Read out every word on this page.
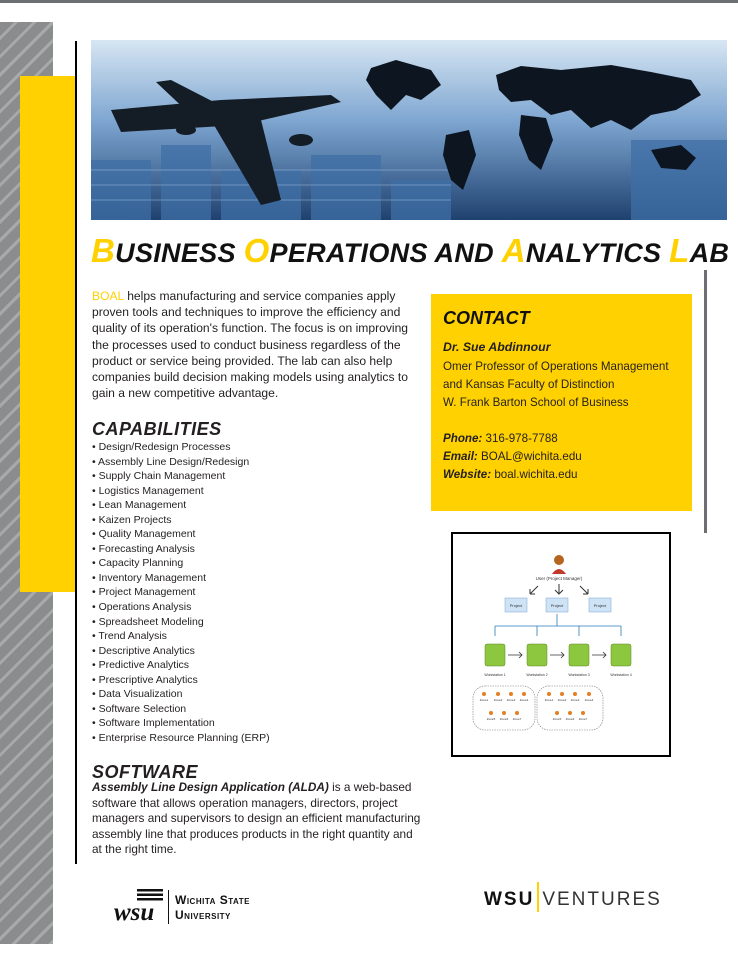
BUSINESS OPERATIONS AND ANALYTICS LAB
BOAL helps manufacturing and service companies apply proven tools and techniques to improve the efficiency and quality of its operation's function. The focus is on improving the processes used to conduct business regardless of the product or service being provided. The lab can also help companies build decision making models using analytics to gain a new competitive advantage.
CAPABILITIES
• Design/Redesign Processes
• Assembly Line Design/Redesign
• Supply Chain Management
• Logistics Management
• Lean Management
• Kaizen Projects
• Quality Management
• Forecasting Analysis
• Capacity Planning
• Inventory Management
• Project Management
• Operations Analysis
• Spreadsheet Modeling
• Trend Analysis
• Descriptive Analytics
• Predictive Analytics
• Prescriptive Analytics
• Data Visualization
• Software Selection
• Software Implementation
• Enterprise Resource Planning (ERP)
SOFTWARE
Assembly Line Design Application (ALDA) is a web-based software that allows operation managers, directors, project managers and supervisors to design an efficient manufacturing assembly line that produces products in the right quantity and at the right time.
CONTACT
Dr. Sue Abdinnour
Omer Professor of Operations Management
and Kansas Faculty of Distinction
W. Frank Barton School of Business
Phone: 316-978-7788
Email: BOAL@wichita.edu
Website: boal.wichita.edu
User (Project Manager)
Project	Project	Project
Workstation 1	Workstation 2	Workstation 3	Workstation 4
Zone1 Zone2 Zone3 Zone4
Zone5 Zone6 Zone7
Zone1 Zone2 Zone3 Zone4
Zone5 Zone6 Zone7
wsu Wichita State
University
WSU VENTURES
